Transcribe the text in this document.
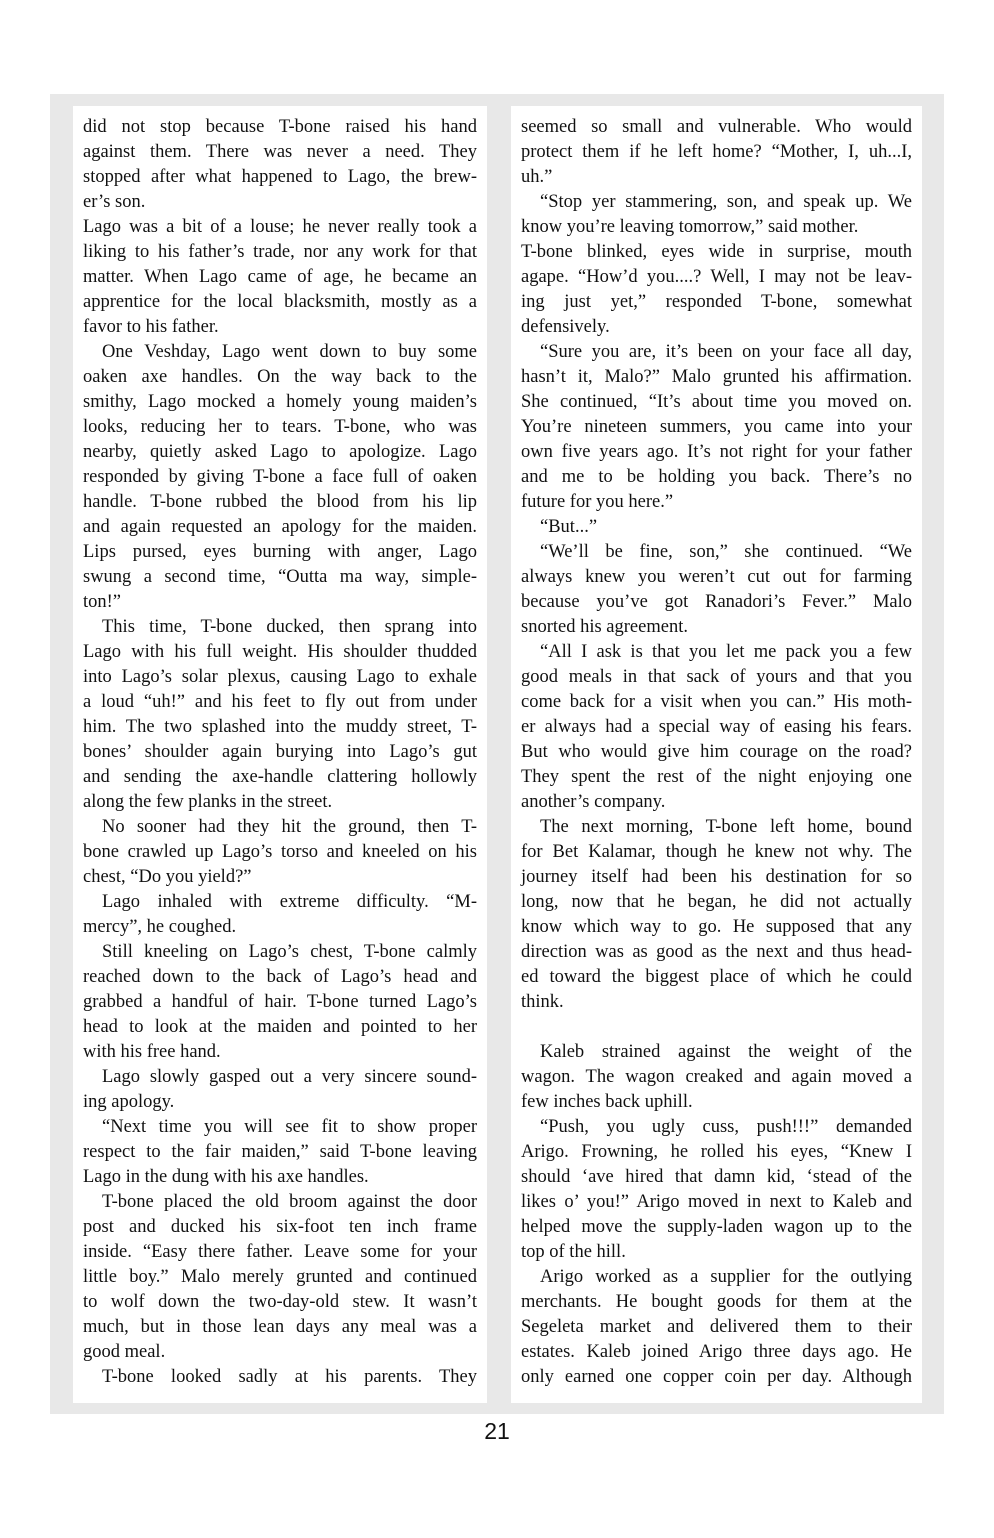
did not stop because T-bone raised his hand
against them. There was never a need. They
stopped after what happened to Lago, the brew-
er’s son.
Lago was a bit of a louse; he never really took a
liking to his father’s trade, nor any work for that
matter. When Lago came of age, he became an
apprentice for the local blacksmith, mostly as a
favor to his father.
One Veshday, Lago went down to buy some
oaken axe handles. On the way back to the
smithy, Lago mocked a homely young maiden’s
looks, reducing her to tears. T-bone, who was
nearby, quietly asked Lago to apologize. Lago
responded by giving T-bone a face full of oaken
handle. T-bone rubbed the blood from his lip
and again requested an apology for the maiden.
Lips pursed, eyes burning with anger, Lago
swung a second time, “Outta ma way, simple-
ton!”
This time, T-bone ducked, then sprang into
Lago with his full weight. His shoulder thudded
into Lago’s solar plexus, causing Lago to exhale
a loud “uh!” and his feet to fly out from under
him. The two splashed into the muddy street, T-
bones’ shoulder again burying into Lago’s gut
and sending the axe-handle clattering hollowly
along the few planks in the street.
No sooner had they hit the ground, then T-
bone crawled up Lago’s torso and kneeled on his
chest, “Do you yield?”
Lago inhaled with extreme difficulty. “M-
mercy”, he coughed.
Still kneeling on Lago’s chest, T-bone calmly
reached down to the back of Lago’s head and
grabbed a handful of hair. T-bone turned Lago’s
head to look at the maiden and pointed to her
with his free hand.
Lago slowly gasped out a very sincere sound-
ing apology.
“Next time you will see fit to show proper
respect to the fair maiden,” said T-bone leaving
Lago in the dung with his axe handles.
T-bone placed the old broom against the door
post and ducked his six-foot ten inch frame
inside. “Easy there father. Leave some for your
little boy.” Malo merely grunted and continued
to wolf down the two-day-old stew. It wasn’t
much, but in those lean days any meal was a
good meal.
T-bone looked sadly at his parents. They
seemed so small and vulnerable. Who would
protect them if he left home? “Mother, I, uh...I,
uh.”
“Stop yer stammering, son, and speak up. We
know you’re leaving tomorrow,” said mother.
T-bone blinked, eyes wide in surprise, mouth
agape. “How’d you....? Well, I may not be leav-
ing just yet,” responded T-bone, somewhat
defensively.
“Sure you are, it’s been on your face all day,
hasn’t it, Malo?” Malo grunted his affirmation.
She continued, “It’s about time you moved on.
You’re nineteen summers, you came into your
own five years ago. It’s not right for your father
and me to be holding you back. There’s no
future for you here.”
“But...”
“We’ll be fine, son,” she continued. “We
always knew you weren’t cut out for farming
because you’ve got Ranadori’s Fever.” Malo
snorted his agreement.
“All I ask is that you let me pack you a few
good meals in that sack of yours and that you
come back for a visit when you can.” His moth-
er always had a special way of easing his fears.
But who would give him courage on the road?
They spent the rest of the night enjoying one
another’s company.
The next morning, T-bone left home, bound
for Bet Kalamar, though he knew not why. The
journey itself had been his destination for so
long, now that he began, he did not actually
know which way to go. He supposed that any
direction was as good as the next and thus head-
ed toward the biggest place of which he could
think.
Kaleb strained against the weight of the
wagon. The wagon creaked and again moved a
few inches back uphill.
“Push, you ugly cuss, push!!!” demanded
Arigo. Frowning, he rolled his eyes, “Knew I
should ‘ave hired that damn kid, ‘stead of the
likes o’ you!” Arigo moved in next to Kaleb and
helped move the supply-laden wagon up to the
top of the hill.
Arigo worked as a supplier for the outlying
merchants. He bought goods for them at the
Segeleta market and delivered them to their
estates. Kaleb joined Arigo three days ago. He
only earned one copper coin per day. Although
21
